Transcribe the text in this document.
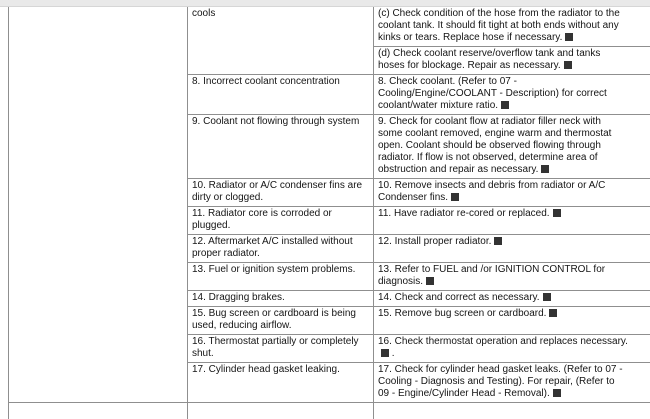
	cools	(c) Check condition of the hose from the radiator to the coolant tank. It should fit tight at both ends without any kinks or tears. Replace hose if necessary.

		(d) Check coolant reserve/overflow tank and tanks hoses for blockage. Repair as necessary.

	8. Incorrect coolant concentration	8. Check coolant. (Refer to 07 - Cooling/Engine/COOLANT - Description) for correct coolant/water mixture ratio.

	9. Coolant not flowing through system	9. Check for coolant flow at radiator filler neck with some coolant removed, engine warm and thermostat open. Coolant should be observed flowing through radiator. If flow is not observed, determine area of obstruction and repair as necessary.

	10. Radiator or A/C condenser fins are dirty or clogged.	10. Remove insects and debris from radiator or A/C Condenser fins.

	11. Radiator core is corroded or plugged.	11. Have radiator re-cored or replaced.

	12. Aftermarket A/C installed without proper radiator.	12. Install proper radiator.

	13. Fuel or ignition system problems.	13. Refer to FUEL and /or IGNITION CONTROL for diagnosis.

	14. Dragging brakes.	14. Check and correct as necessary.

	15. Bug screen or cardboard is being used, reducing airflow.	15. Remove bug screen or cardboard.

	16. Thermostat partially or completely shut.	16. Check thermostat operation and replaces necessary. .

	17. Cylinder head gasket leaking.	17. Check for cylinder head gasket leaks. (Refer to 07 - Cooling - Diagnosis and Testing). For repair, (Refer to 09 - Engine/Cylinder Head - Removal).
